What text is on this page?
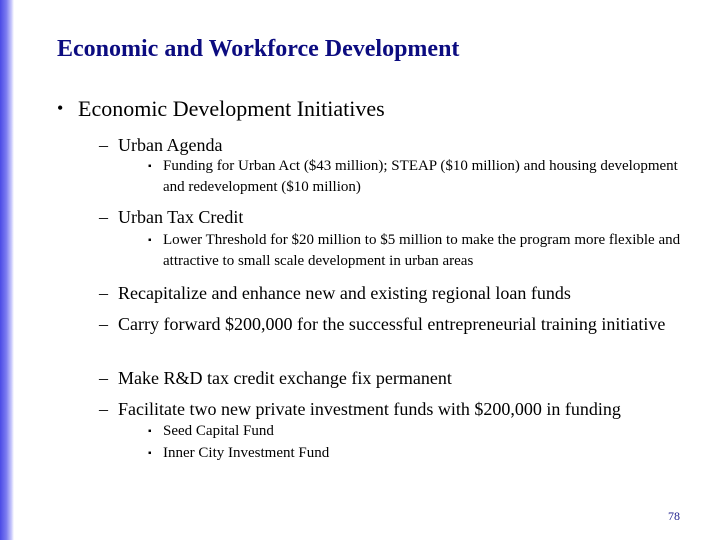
Economic and Workforce Development
• Economic Development Initiatives
– Urban Agenda
▪ Funding for Urban Act ($43 million); STEAP ($10 million) and housing development and redevelopment ($10 million)
– Urban Tax Credit
▪ Lower Threshold for $20 million to $5 million to make the program more flexible and attractive to small scale development in urban areas
– Recapitalize and enhance new and existing regional loan funds
– Carry forward $200,000 for the successful entrepreneurial training initiative
– Make R&D tax credit exchange fix permanent
– Facilitate two new private investment funds with $200,000 in funding
▪ Seed Capital Fund
▪ Inner City Investment Fund
78
